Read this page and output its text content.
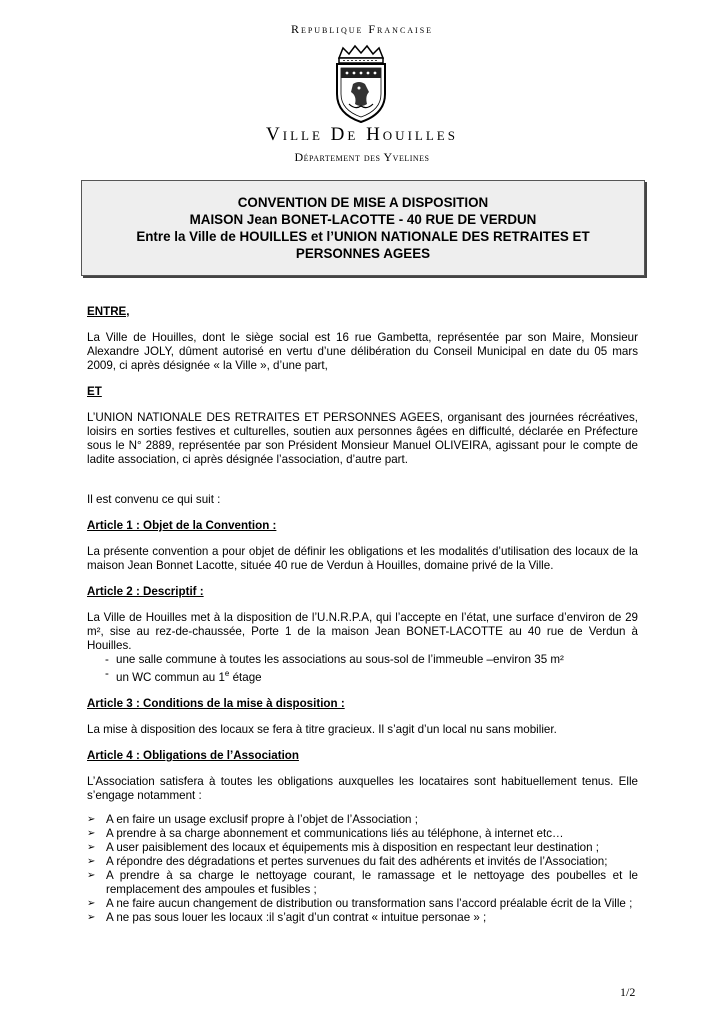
Republique Francaise
Ville De Houilles
Département des Yvelines
CONVENTION DE MISE A DISPOSITION
MAISON Jean BONET-LACOTTE - 40 RUE DE VERDUN
Entre la Ville de HOUILLES et l’UNION NATIONALE DES RETRAITES ET
PERSONNES AGEES
ENTRE,

La Ville de Houilles, dont le siège social est 16 rue Gambetta, représentée par son Maire, Monsieur Alexandre JOLY, dûment autorisé en vertu d’une délibération du Conseil Municipal en date du 05 mars 2009, ci après désignée « la Ville », d’une part,

ET

L’UNION NATIONALE DES RETRAITES ET PERSONNES AGEES, organisant des journées récréatives, loisirs en sorties festives et culturelles, soutien aux personnes âgées en difficulté, déclarée en Préfecture sous le N° 2889, représentée par son Président Monsieur Manuel OLIVEIRA, agissant pour le compte de ladite association, ci après désignée l’association, d’autre part.

Il est convenu ce qui suit :

Article 1 : Objet de la Convention :

La présente convention a pour objet de définir les obligations et les modalités d’utilisation des locaux de la maison Jean Bonnet Lacotte, située 40 rue de Verdun à Houilles, domaine privé de la Ville.

Article 2 : Descriptif :

La Ville de Houilles met à la disposition de l’U.N.R.P.A, qui l’accepte en l’état, une surface d’environ de 29 m², sise au rez-de-chaussée, Porte 1 de la maison Jean BONET-LACOTTE au 40 rue de Verdun à Houilles.

- une salle commune à toutes les associations au sous-sol de l’immeuble –environ 35 m²
- un WC commun au 1e étage
Article 3 : Conditions de la mise à disposition :

La mise à disposition des locaux se fera à titre gracieux. Il s’agit d’un local nu sans mobilier.

Article 4 : Obligations de l’Association

L’Association satisfera à toutes les obligations auxquelles les locataires sont habituellement tenus. Elle s’engage notamment :

➢ A en faire un usage exclusif propre à l’objet de l’Association ;
➢ A prendre à sa charge abonnement et communications liés au téléphone, à internet etc…
➢ A user paisiblement des locaux et équipements mis à disposition en respectant leur destination ;
➢ A répondre des dégradations et pertes survenues du fait des adhérents et invités de l’Association;
➢ A prendre à sa charge le nettoyage courant, le ramassage et le nettoyage des poubelles et le remplacement des ampoules et fusibles ;
➢ A ne faire aucun changement de distribution ou transformation sans l’accord préalable écrit de la Ville ;
➢ A ne pas sous louer les locaux :il s’agit d’un contrat « intuitue personae » ;
1/2
